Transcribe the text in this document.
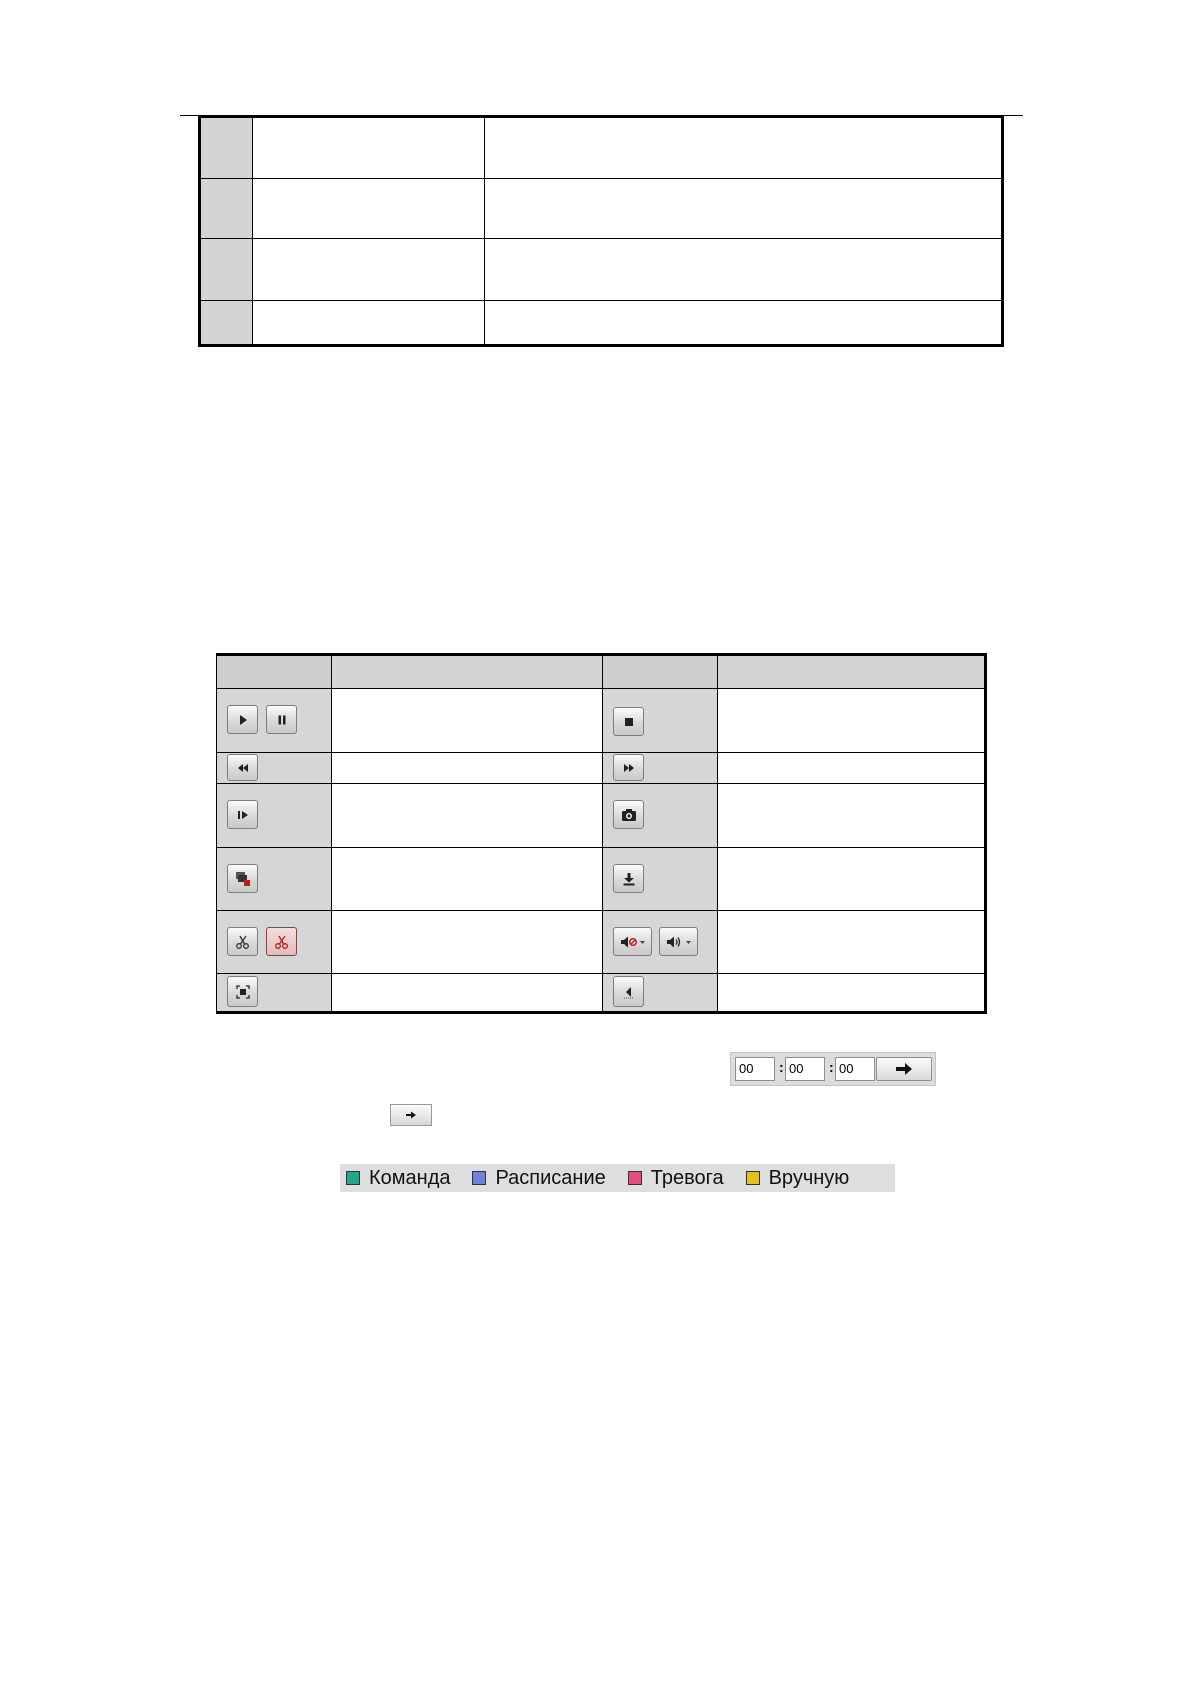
00	: 00	: 00
Команда Расписание Тревога Вручную
